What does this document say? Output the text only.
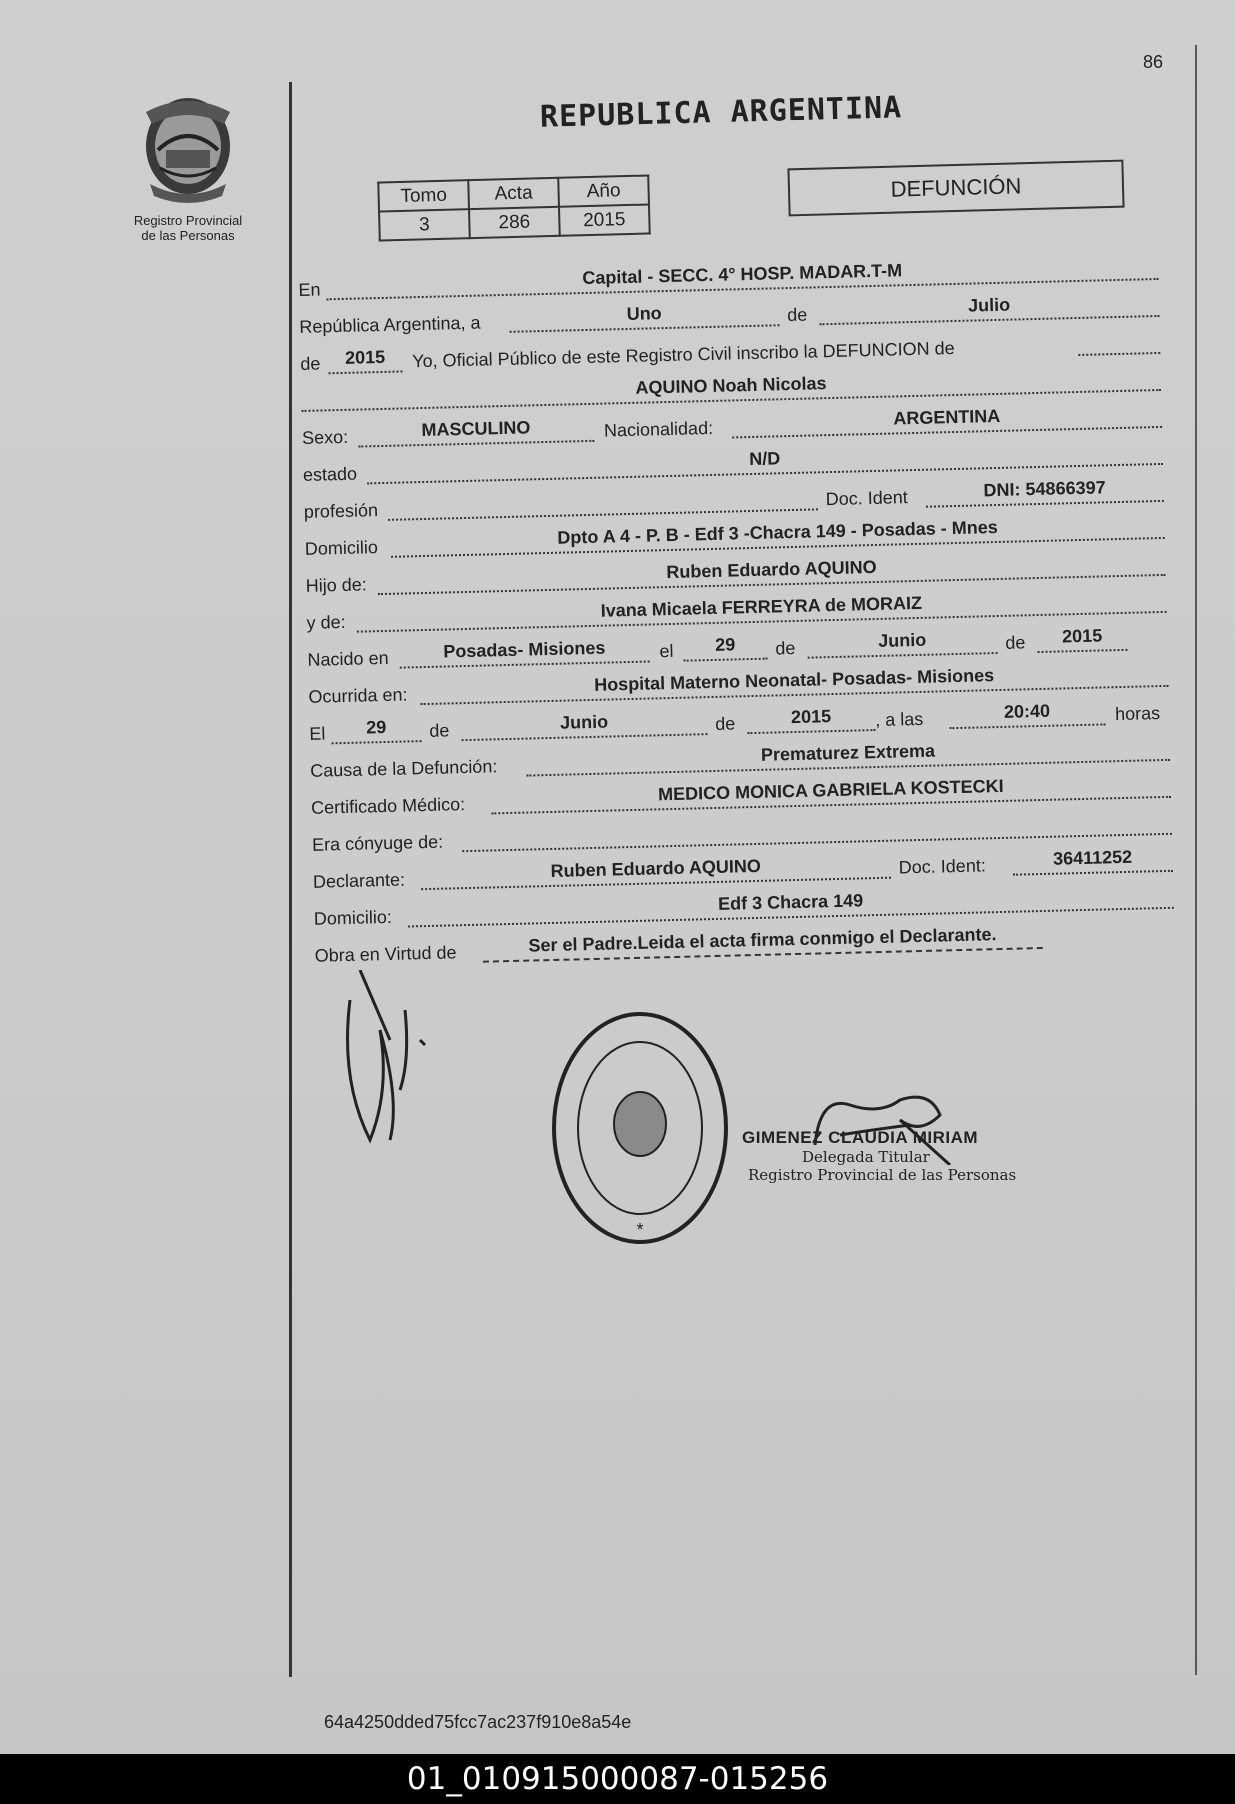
86
Registro Provincial de las Personas
REPUBLICA ARGENTINA
Tomo	Acta	Año
3	286	2015
DEFUNCIÓN
En
Capital - SECC. 4° HOSP. MADAR.T-M
República Argentina, a	Uno	de	Julio
de	2015	Yo, Oficial Público de este Registro Civil inscribo la DEFUNCION de
AQUINO Noah Nicolas
Sexo:	MASCULINO	Nacionalidad:
ARGENTINA
estado
N/D
profesión
Doc. Ident	DNI: 54866397
Domicilio
Dpto A 4 - P. B - Edf 3 -Chacra 149 - Posadas - Mnes
Hijo de:
Ruben Eduardo AQUINO
y de:
Ivana Micaela FERREYRA de MORAIZ
Nacido en	Posadas- Misiones	el	29	de	Junio	de	2015
Ocurrida en:
Hospital Materno Neonatal- Posadas- Misiones
El	29	de	Junio	de	2015	, a las	20:40	horas
Causa de la Defunción:
Prematurez Extrema
Certificado Médico:
MEDICO MONICA GABRIELA KOSTECKI
Era cónyuge de:
Declarante:	Ruben Eduardo AQUINO	Doc. Ident:	36411252
Domicilio:
Edf 3 Chacra 149
Obra en Virtud de	Ser el Padre.Leida el acta firma conmigo el Declarante.
*
GIMENEZ CLAUDIA MIRIAM
Delegada Titular
Registro Provincial de las Personas
64a4250dded75fcc7ac237f910e8a54e
01_010915000087-015256
